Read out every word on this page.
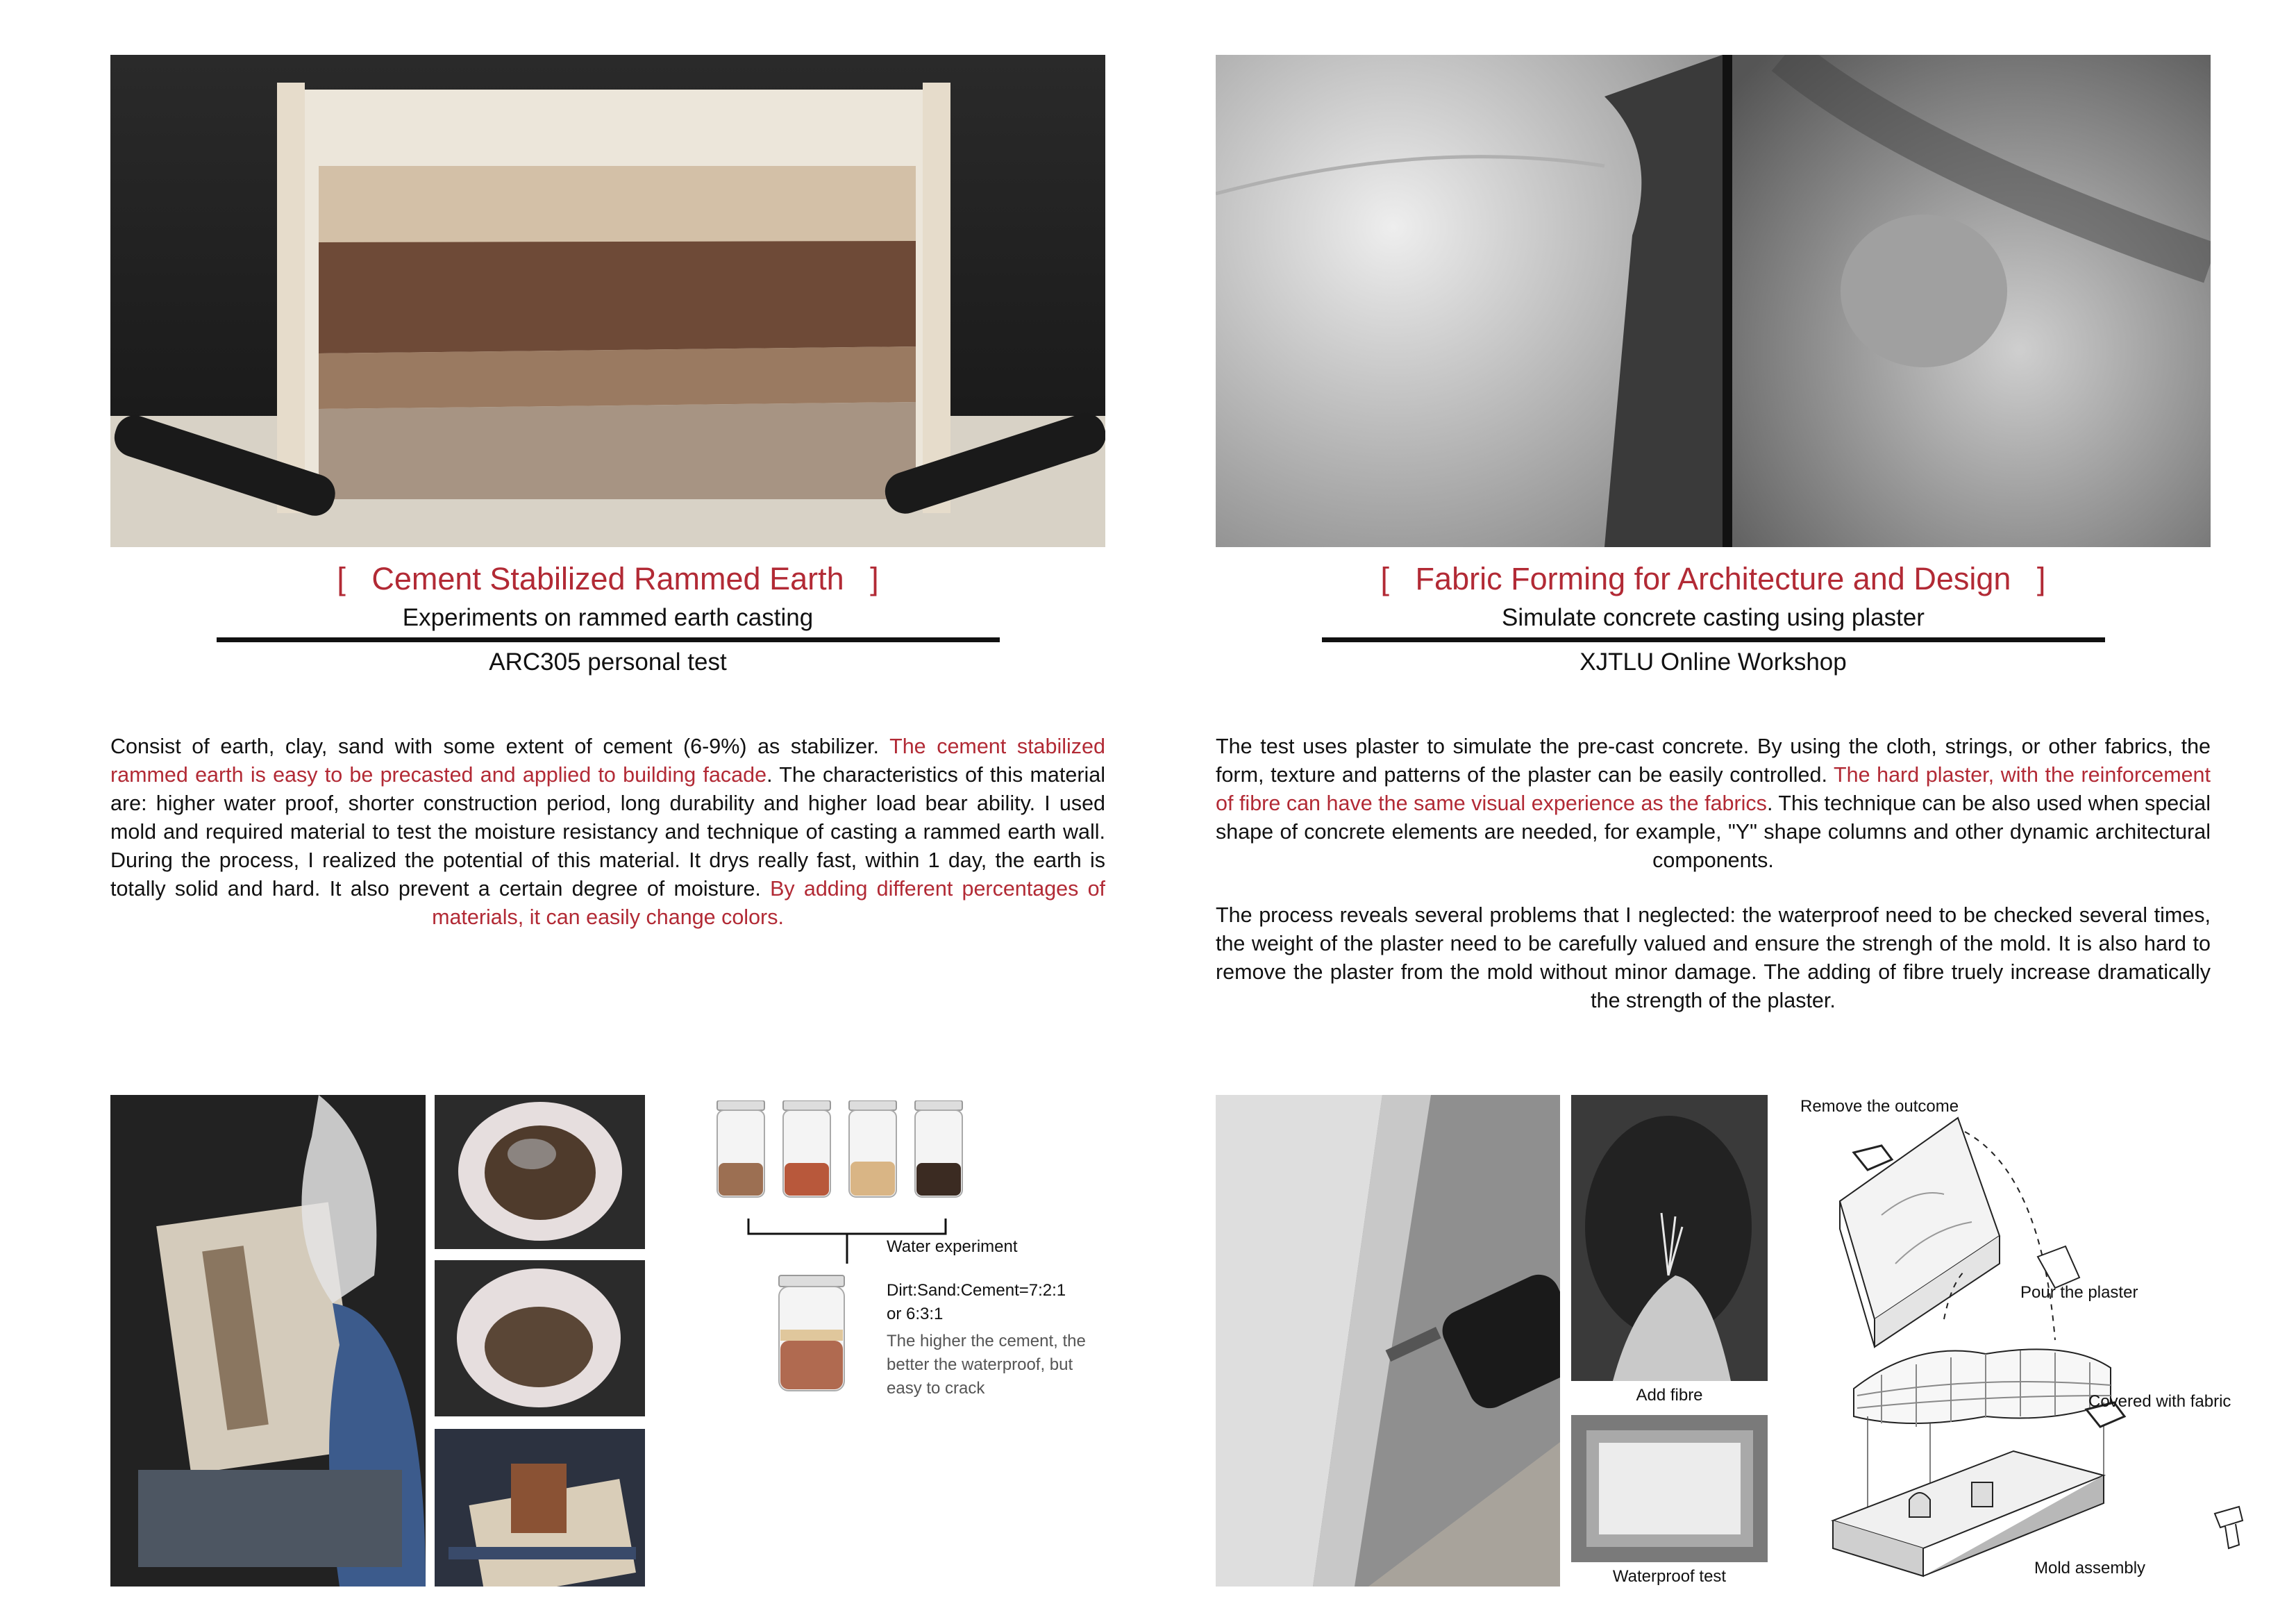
[   Cement Stabilized Rammed Earth   ]
Experiments on rammed earth casting
ARC305 personal test
[   Fabric Forming for Architecture and Design   ]
Simulate concrete casting using plaster
XJTLU Online Workshop
Consist of earth, clay, sand with some extent of cement (6-9%) as stabilizer. The cement stabilized rammed earth is easy to be precasted and applied to building facade. The characteristics of this material are: higher water proof, shorter construction period, long durability and higher load bear ability. I used mold and required material to test the moisture resistancy and technique of casting a rammed earth wall. During the process, I realized the potential of this material. It drys really fast, within 1 day, the earth is totally solid and hard. It also prevent a certain degree of moisture. By adding different percentages of materials, it can easily change colors.
The test uses plaster to simulate the pre-cast concrete. By using the cloth, strings, or other fabrics, the form, texture and patterns of the plaster can be easily controlled. The hard plaster, with the reinforcement of fibre can have the same visual experience as the fabrics. This technique can be also used when special shape of concrete elements are needed, for example, "Y" shape columns and other dynamic architectural components.
The process reveals several problems that I neglected: the waterproof need to be checked several times, the weight of the plaster need to be carefully valued and ensure the strengh of the mold. It is also hard to remove the plaster from the mold without minor damage. The adding of fibre truely increase dramatically the strength of the plaster.
Water experiment
Dirt:Sand:Cement=7:2:1
or 6:3:1
The higher the cement, the better the waterproof, but easy to crack	Add fibre
Waterproof test
Remove the outcome
Pour the plaster
Covered with fabric
Mold assembly
